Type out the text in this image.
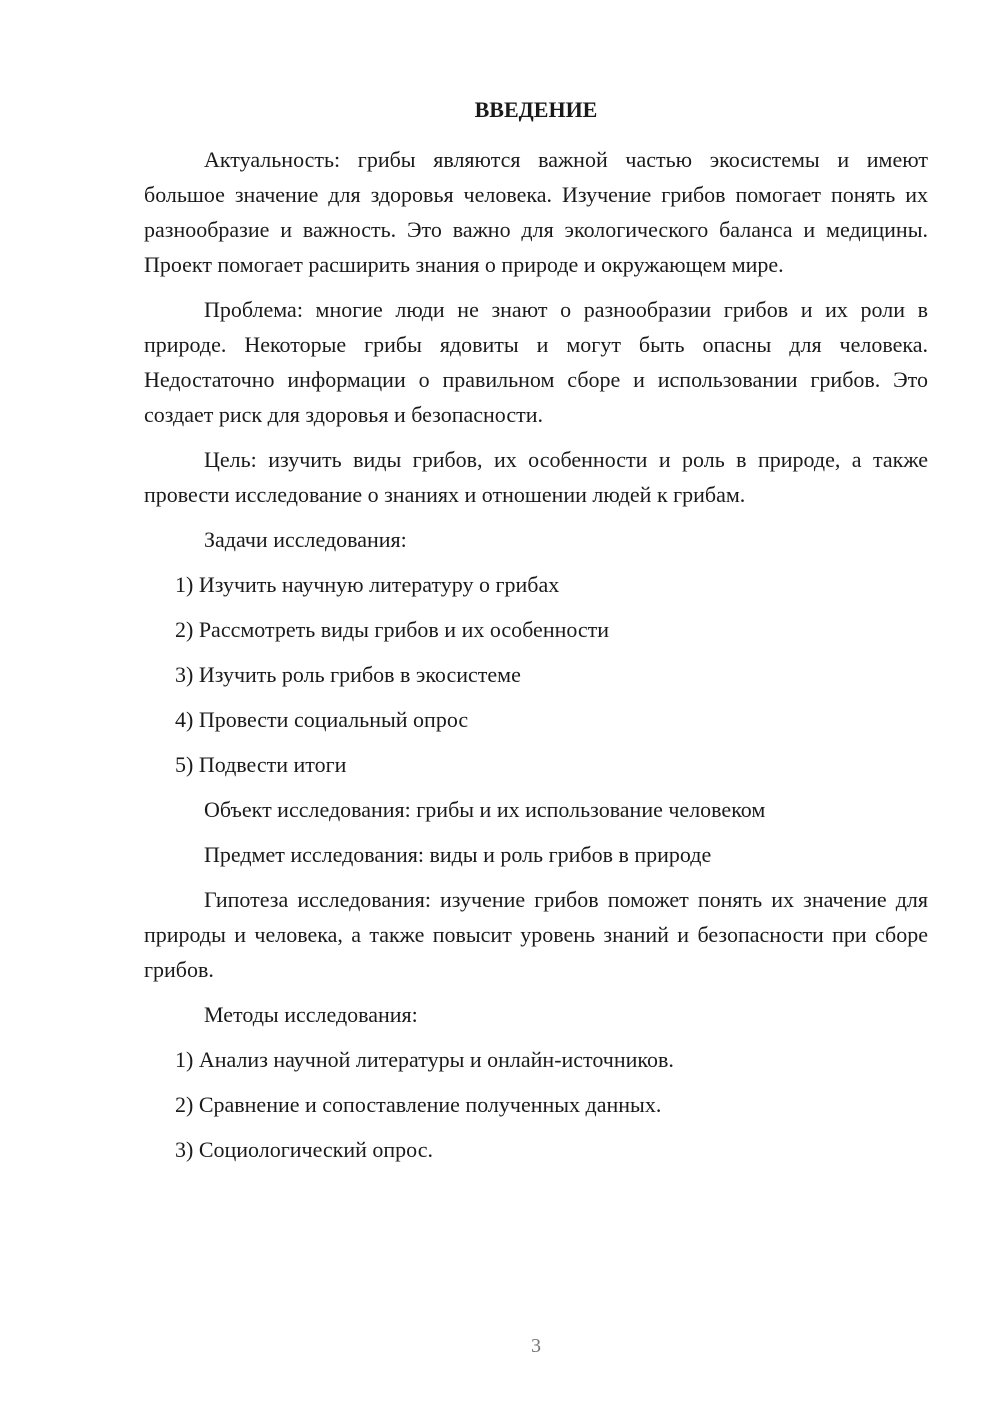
ВВЕДЕНИЕ

Актуальность: грибы являются важной частью экосистемы и имеют большое значение для здоровья человека. Изучение грибов помогает понять их разнообразие и важность. Это важно для экологического баланса и медицины. Проект помогает расширить знания о природе и окружающем мире.

Проблема: многие люди не знают о разнообразии грибов и их роли в природе. Некоторые грибы ядовиты и могут быть опасны для человека. Недостаточно информации о правильном сборе и использовании грибов. Это создает риск для здоровья и безопасности.

Цель: изучить виды грибов, их особенности и роль в природе, а также провести исследование о знаниях и отношении людей к грибам.

Задачи исследования:

1) Изучить научную литературу о грибах

2) Рассмотреть виды грибов и их особенности

3) Изучить роль грибов в экосистеме

4) Провести социальный опрос

5) Подвести итоги

Объект исследования: грибы и их использование человеком

Предмет исследования: виды и роль грибов в природе

Гипотеза исследования: изучение грибов поможет понять их значение для природы и человека, а также повысит уровень знаний и безопасности при сборе грибов.

Методы исследования:

1) Анализ научной литературы и онлайн-источников.

2) Сравнение и сопоставление полученных данных.

3) Социологический опрос.

3
